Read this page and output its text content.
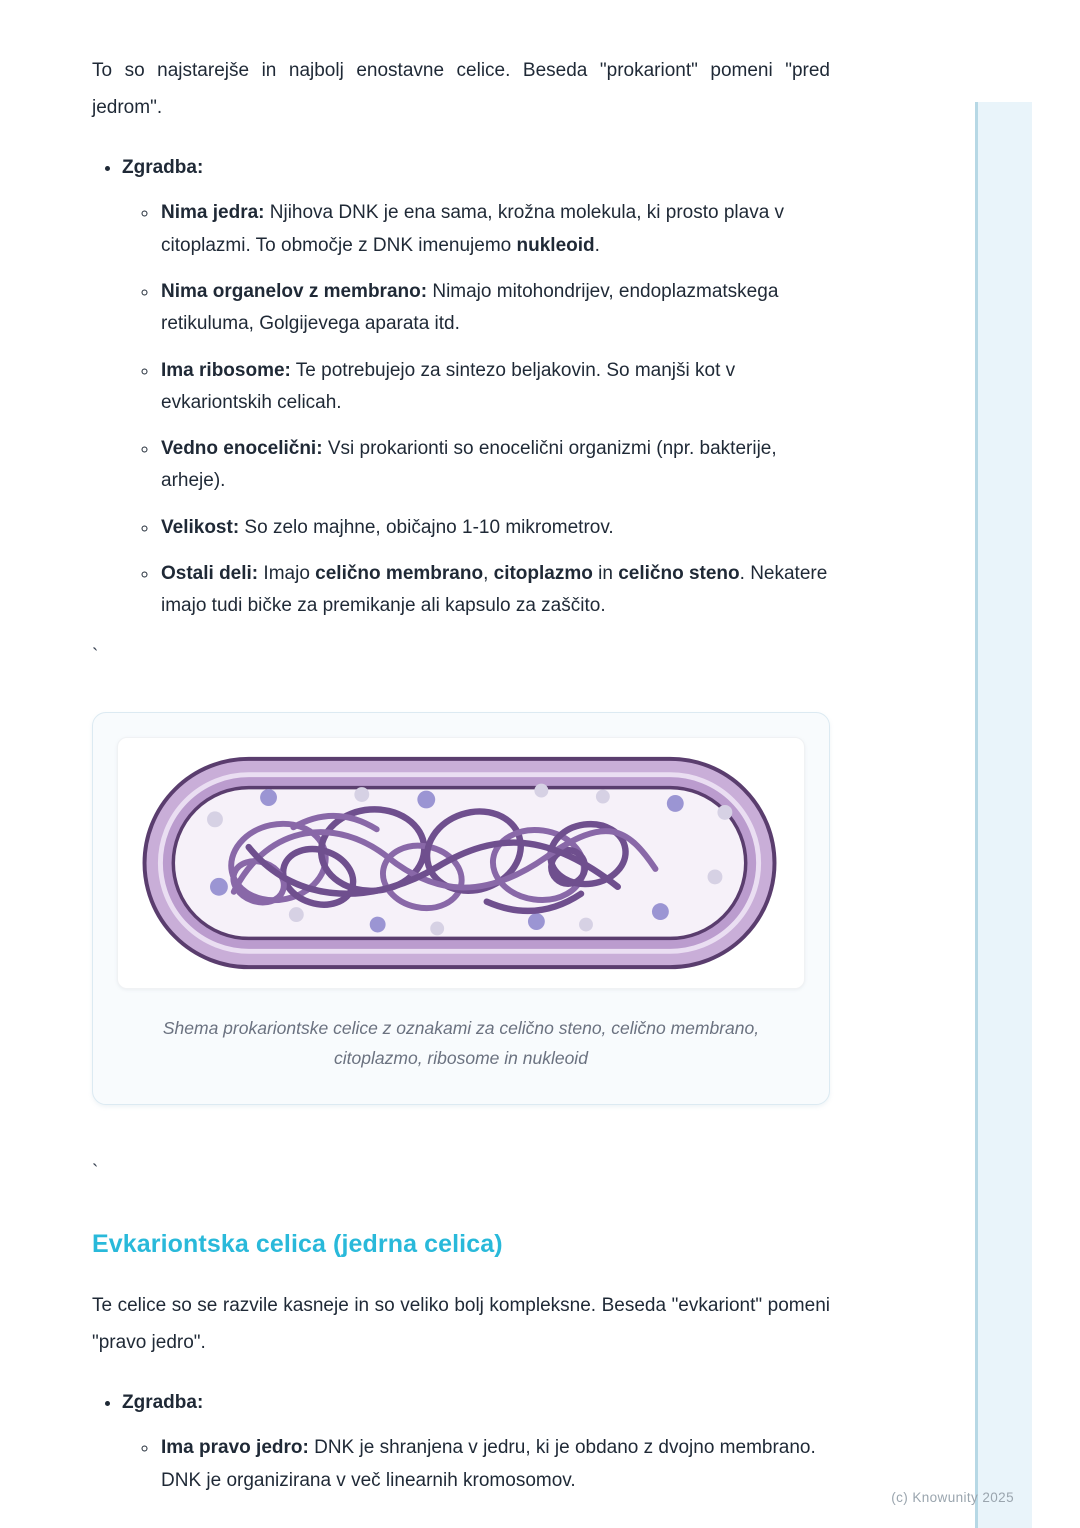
(c) Knowunity 2025

To so najstarejše in najbolj enostavne celice. Beseda "prokariont" pomeni "pred jedrom".

• Zgradba:
◦ Nima jedra: Njihova DNK je ena sama, krožna molekula, ki prosto plava v citoplazmi. To območje z DNK imenujemo nukleoid.
◦ Nima organelov z membrano: Nimajo mitohondrijev, endoplazmatskega retikuluma, Golgijevega aparata itd.
◦ Ima ribosome: Te potrebujejo za sintezo beljakovin. So manjši kot v evkariontskih celicah.
◦ Vedno enocelični: Vsi prokarionti so enocelični organizmi (npr. bakterije, arheje).
◦ Velikost: So zelo majhne, običajno 1-10 mikrometrov.
◦ Ostali deli: Imajo celično membrano, citoplazmo in celično steno. Nekatere imajo tudi bičke za premikanje ali kapsulo za zaščito.
`
Shema prokariontske celice z oznakami za celično steno, celično membrano, citoplazmo, ribosome in nukleoid
`
Evkariontska celica (jedrna celica)

Te celice so se razvile kasneje in so veliko bolj kompleksne. Beseda "evkariont" pomeni "pravo jedro".

• Zgradba:
◦ Ima pravo jedro: DNK je shranjena v jedru, ki je obdano z dvojno membrano. DNK je organizirana v več linearnih kromosomov.
